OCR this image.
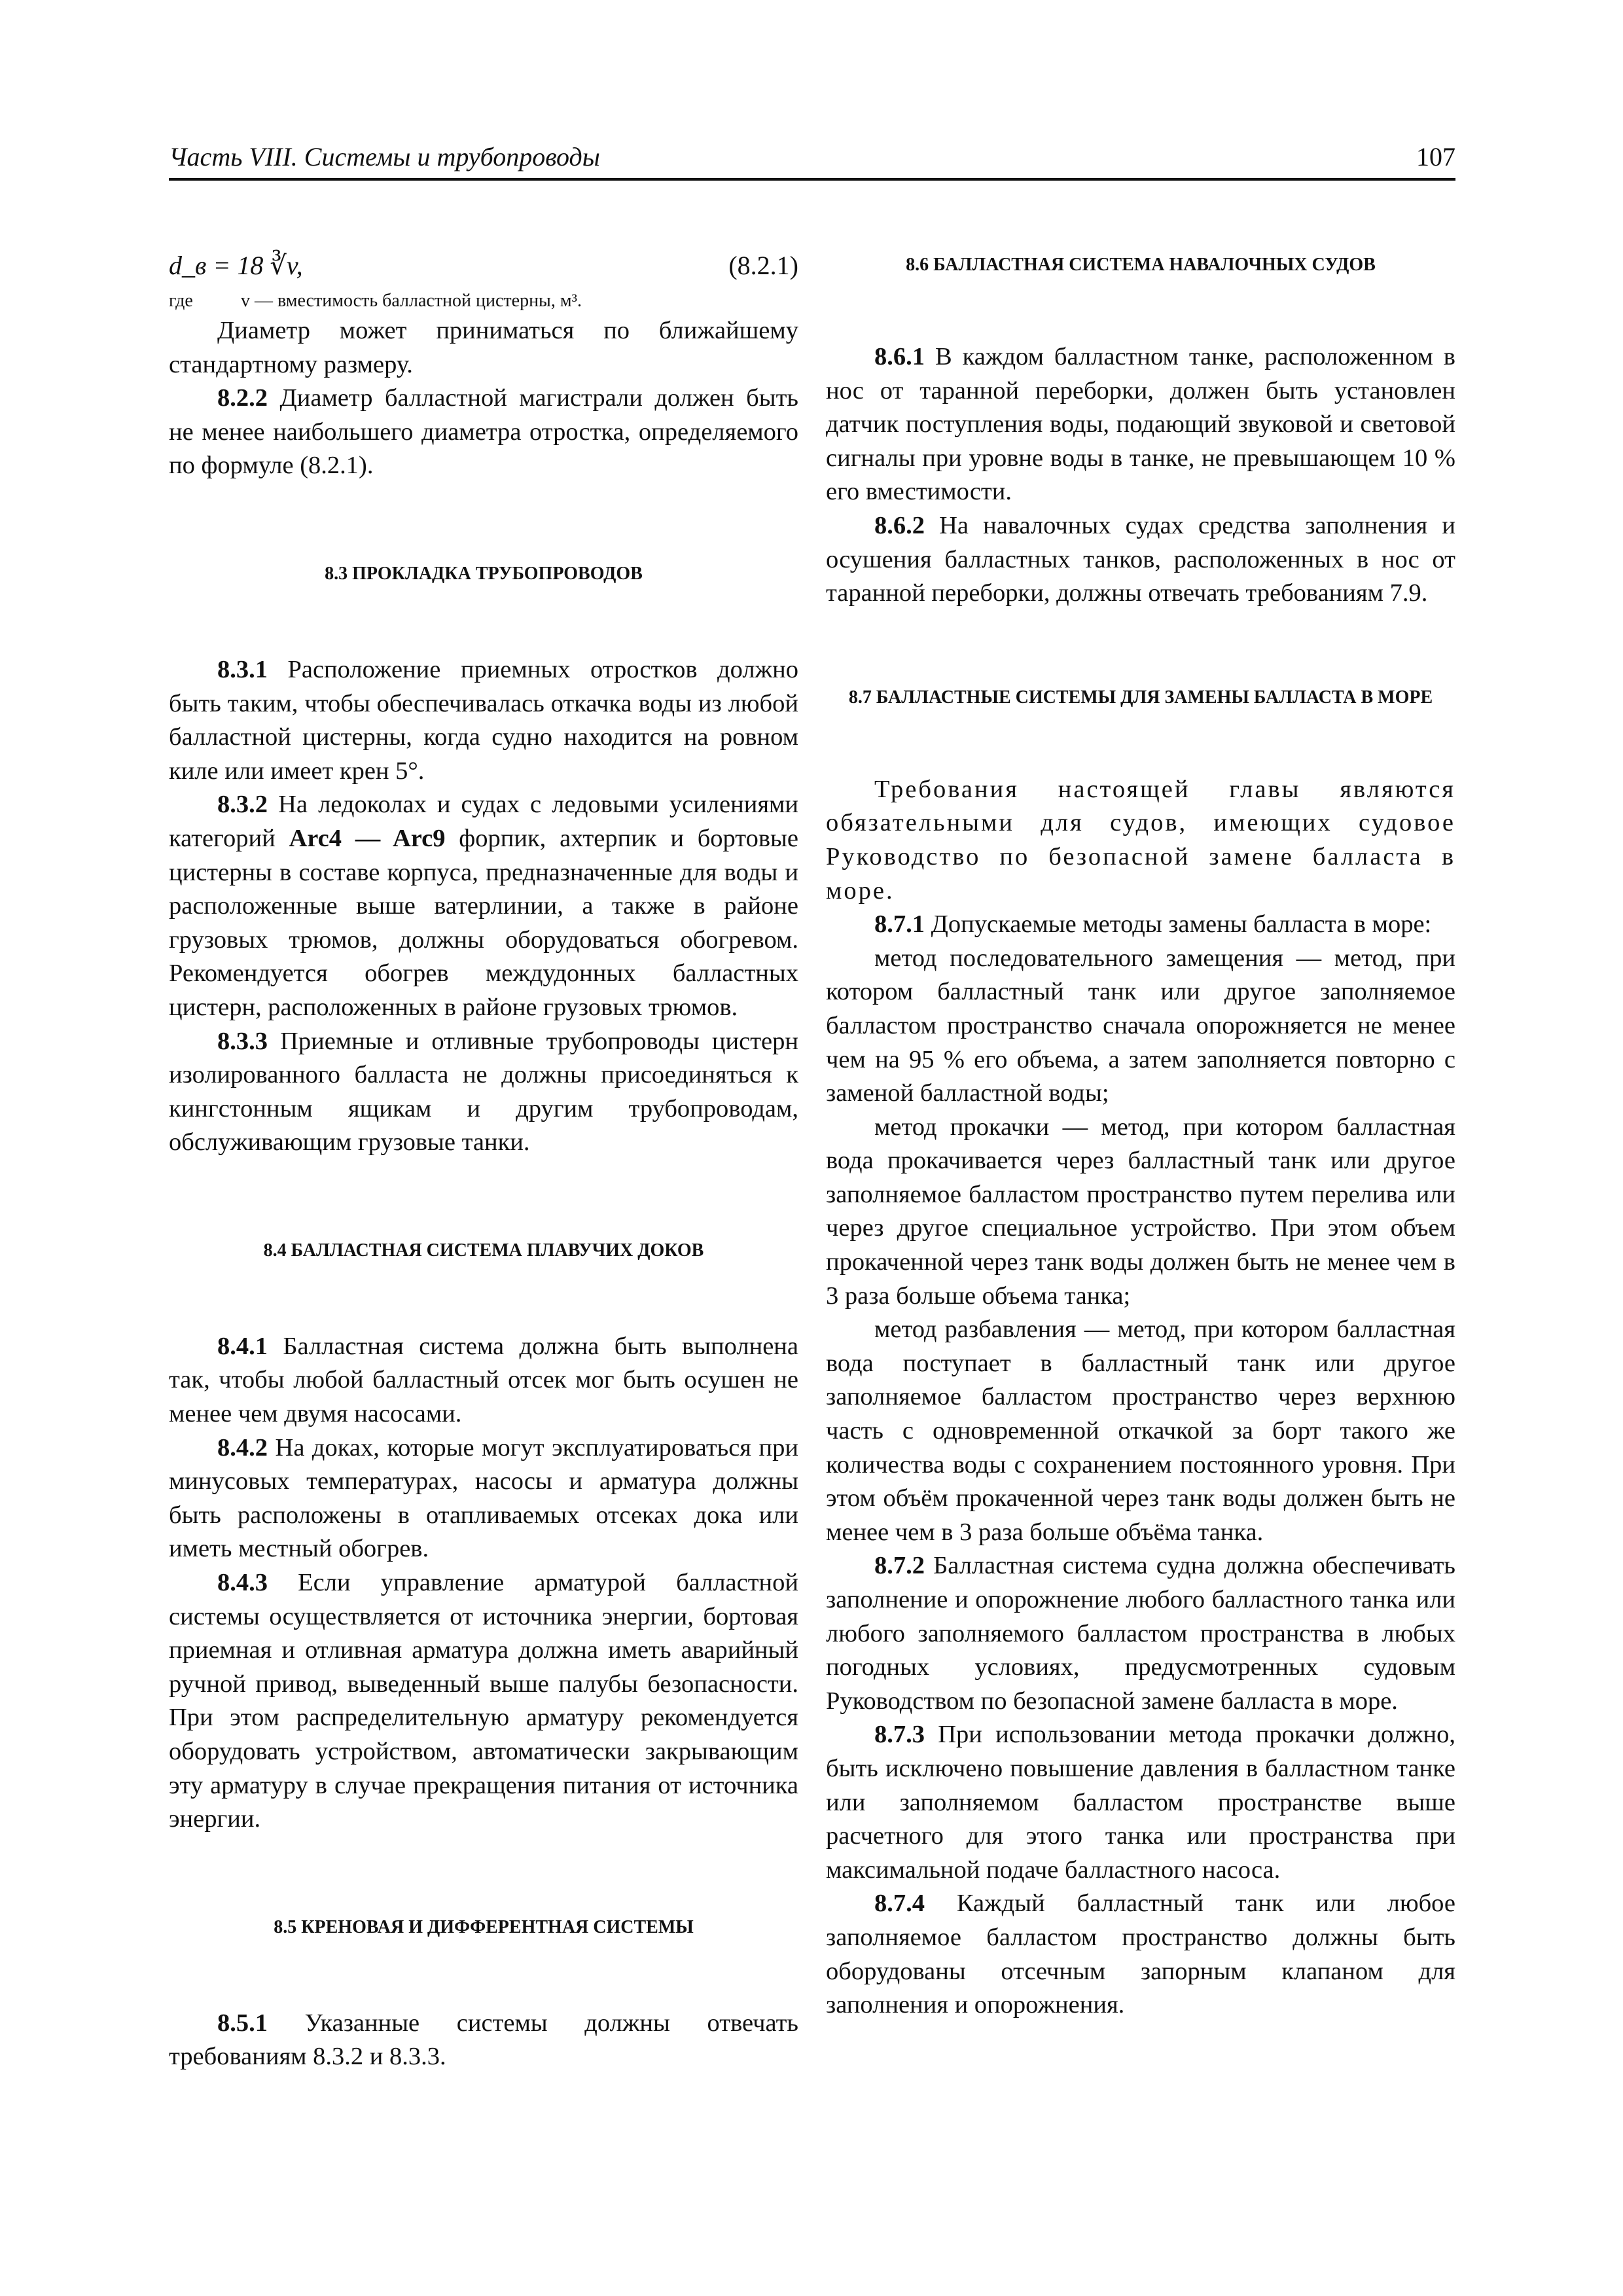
Часть VIII. Системы и трубопроводы	107
d_в = 18 ∛v,	(8.2.1)

где	v — вместимость балластной цистерны, м³.

Диаметр может приниматься по ближайшему стандартному размеру.

8.2.2 Диаметр балластной магистрали должен быть не менее наибольшего диаметра отростка, определяемого по формуле (8.2.1).

8.3 ПРОКЛАДКА ТРУБОПРОВОДОВ

8.3.1 Расположение приемных отростков должно быть таким, чтобы обеспечивалась откачка воды из любой балластной цистерны, когда судно находится на ровном киле или имеет крен 5°.

8.3.2 На ледоколах и судах с ледовыми усилениями категорий Arc4 — Arc9 форпик, ахтерпик и бортовые цистерны в составе корпуса, предназначенные для воды и расположенные выше ватерлинии, а также в районе грузовых трюмов, должны оборудоваться обогревом. Рекомендуется обогрев междудонных балластных цистерн, расположенных в районе грузовых трюмов.

8.3.3 Приемные и отливные трубопроводы цистерн изолированного балласта не должны присоединяться к кингстонным ящикам и другим трубопроводам, обслуживающим грузовые танки.

8.4 БАЛЛАСТНАЯ СИСТЕМА ПЛАВУЧИХ ДОКОВ

8.4.1 Балластная система должна быть выполнена так, чтобы любой балластный отсек мог быть осушен не менее чем двумя насосами.

8.4.2 На доках, которые могут эксплуатироваться при минусовых температурах, насосы и арматура должны быть расположены в отапливаемых отсеках дока или иметь местный обогрев.

8.4.3 Если управление арматурой балластной системы осуществляется от источника энергии, бортовая приемная и отливная арматура должна иметь аварийный ручной привод, выведенный выше палубы безопасности. При этом распределительную арматуру рекомендуется оборудовать устройством, автоматически закрывающим эту арматуру в случае прекращения питания от источника энергии.

8.5 КРЕНОВАЯ И ДИФФЕРЕНТНАЯ СИСТЕМЫ

8.5.1 Указанные системы должны отвечать требованиям 8.3.2 и 8.3.3.

8.6 БАЛЛАСТНАЯ СИСТЕМА НАВАЛОЧНЫХ СУДОВ

8.6.1 В каждом балластном танке, расположенном в нос от таранной переборки, должен быть установлен датчик поступления воды, подающий звуковой и световой сигналы при уровне воды в танке, не превышающем 10 % его вместимости.

8.6.2 На навалочных судах средства заполнения и осушения балластных танков, расположенных в нос от таранной переборки, должны отвечать требованиям 7.9.

8.7 БАЛЛАСТНЫЕ СИСТЕМЫ ДЛЯ ЗАМЕНЫ БАЛЛАСТА В МОРЕ

Требования настоящей главы являются обязательными для судов, имеющих судовое Руководство по безопасной замене балласта в море.

8.7.1 Допускаемые методы замены балласта в море:

метод последовательного замещения — метод, при котором балластный танк или другое заполняемое балластом пространство сначала опорожняется не менее чем на 95 % его объема, а затем заполняется повторно с заменой балластной воды;

метод прокачки — метод, при котором балластная вода прокачивается через балластный танк или другое заполняемое балластом пространство путем перелива или через другое специальное устройство. При этом объем прокаченной через танк воды должен быть не менее чем в 3 раза больше объема танка;

метод разбавления — метод, при котором балластная вода поступает в балластный танк или другое заполняемое балластом пространство через верхнюю часть с одновременной откачкой за борт такого же количества воды с сохранением постоянного уровня. При этом объём прокаченной через танк воды должен быть не менее чем в 3 раза больше объёма танка.

8.7.2 Балластная система судна должна обеспечивать заполнение и опорожнение любого балластного танка или любого заполняемого балластом пространства в любых погодных условиях, предусмотренных судовым Руководством по безопасной замене балласта в море.

8.7.3 При использовании метода прокачки должно, быть исключено повышение давления в балластном танке или заполняемом балластом пространстве выше расчетного для этого танка или пространства при максимальной подаче балластного насоса.

8.7.4 Каждый балластный танк или любое заполняемое балластом пространство должны быть оборудованы отсечным запорным клапаном для заполнения и опорожнения.
